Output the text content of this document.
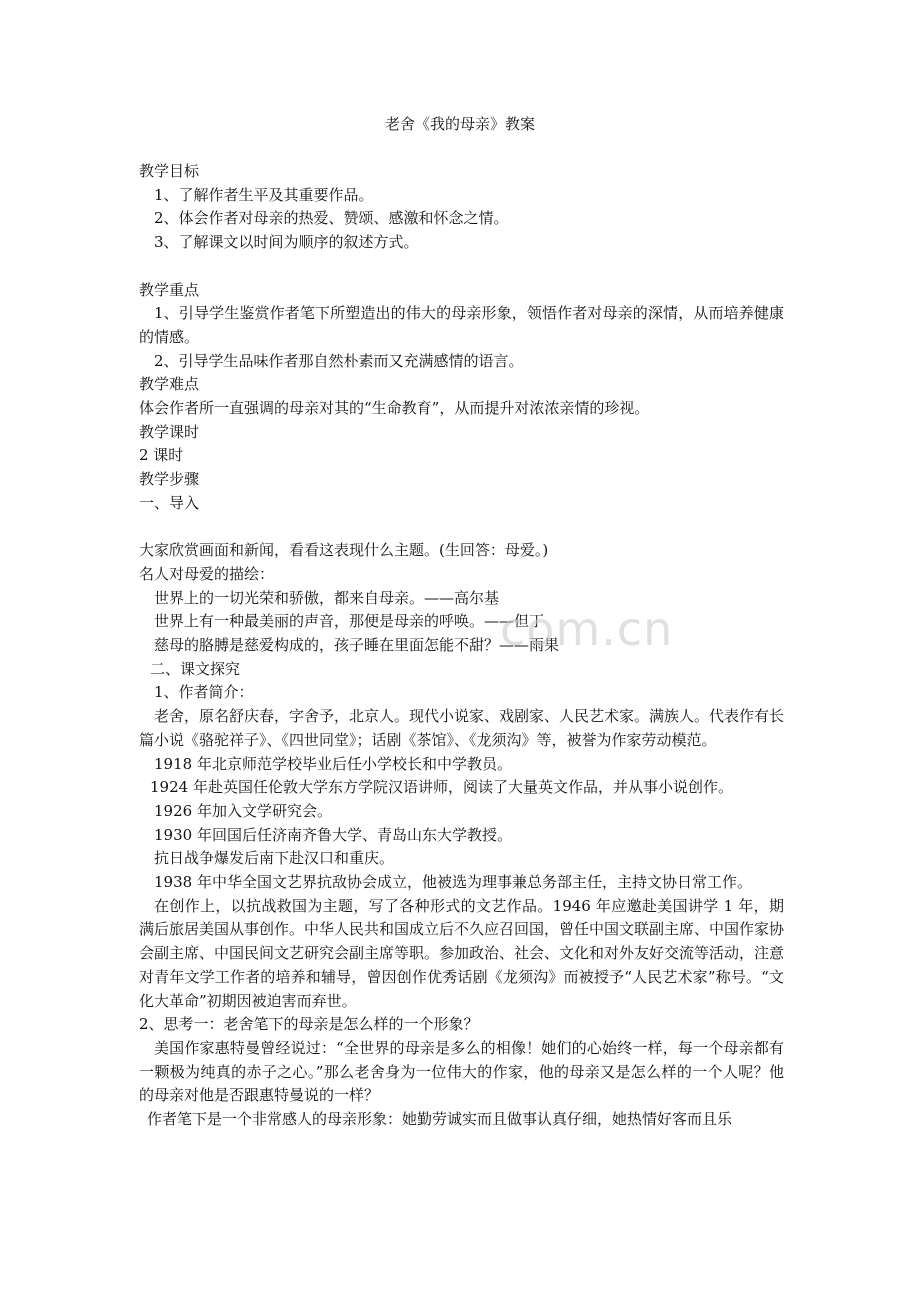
老舍《我的母亲》教案

教学目标

1、了解作者生平及其重要作品。

2、体会作者对母亲的热爱、赞颂、感激和怀念之情。

3、了解课文以时间为顺序的叙述方式。

教学重点

1、引导学生鉴赏作者笔下所塑造出的伟大的母亲形象，领悟作者对母亲的深情，从而培养健康的情感。

2、引导学生品味作者那自然朴素而又充满感情的语言。

教学难点

体会作者所一直强调的母亲对其的“生命教育”，从而提升对浓浓亲情的珍视。

教学课时

2 课时

教学步骤

一、导入

大家欣赏画面和新闻，看看这表现什么主题。(生回答：母爱。)

名人对母爱的描绘：

世界上的一切光荣和骄傲，都来自母亲。——高尔基

世界上有一种最美丽的声音，那便是母亲的呼唤。——但丁

慈母的胳膊是慈爱构成的，孩子睡在里面怎能不甜？——雨果

二、课文探究

1、作者简介：

老舍，原名舒庆春，字舍予，北京人。现代小说家、戏剧家、人民艺术家。满族人。代表作有长篇小说《骆驼祥子》、《四世同堂》；话剧《茶馆》、《龙须沟》等，被誉为作家劳动模范。

1918 年北京师范学校毕业后任小学校长和中学教员。

1924 年赴英国任伦敦大学东方学院汉语讲师，阅读了大量英文作品，并从事小说创作。

1926 年加入文学研究会。

1930 年回国后任济南齐鲁大学、青岛山东大学教授。

抗日战争爆发后南下赴汉口和重庆。

1938 年中华全国文艺界抗敌协会成立，他被选为理事兼总务部主任，主持文协日常工作。

在创作上，以抗战救国为主题，写了各种形式的文艺作品。1946 年应邀赴美国讲学 1 年，期满后旅居美国从事创作。中华人民共和国成立后不久应召回国，曾任中国文联副主席、中国作家协会副主席、中国民间文艺研究会副主席等职。参加政治、社会、文化和对外友好交流等活动，注意对青年文学工作者的培养和辅导，曾因创作优秀话剧《龙须沟》而被授予“人民艺术家”称号。“文化大革命”初期因被迫害而弃世。

2、思考一：老舍笔下的母亲是怎么样的一个形象？

美国作家惠特曼曾经说过：“全世界的母亲是多么的相像！她们的心始终一样，每一个母亲都有一颗极为纯真的赤子之心。”那么老舍身为一位伟大的作家，他的母亲又是怎么样的一个人呢？他的母亲对他是否跟惠特曼说的一样？

作者笔下是一个非常感人的母亲形象：她勤劳诚实而且做事认真仔细，她热情好客而且乐

com.cn
